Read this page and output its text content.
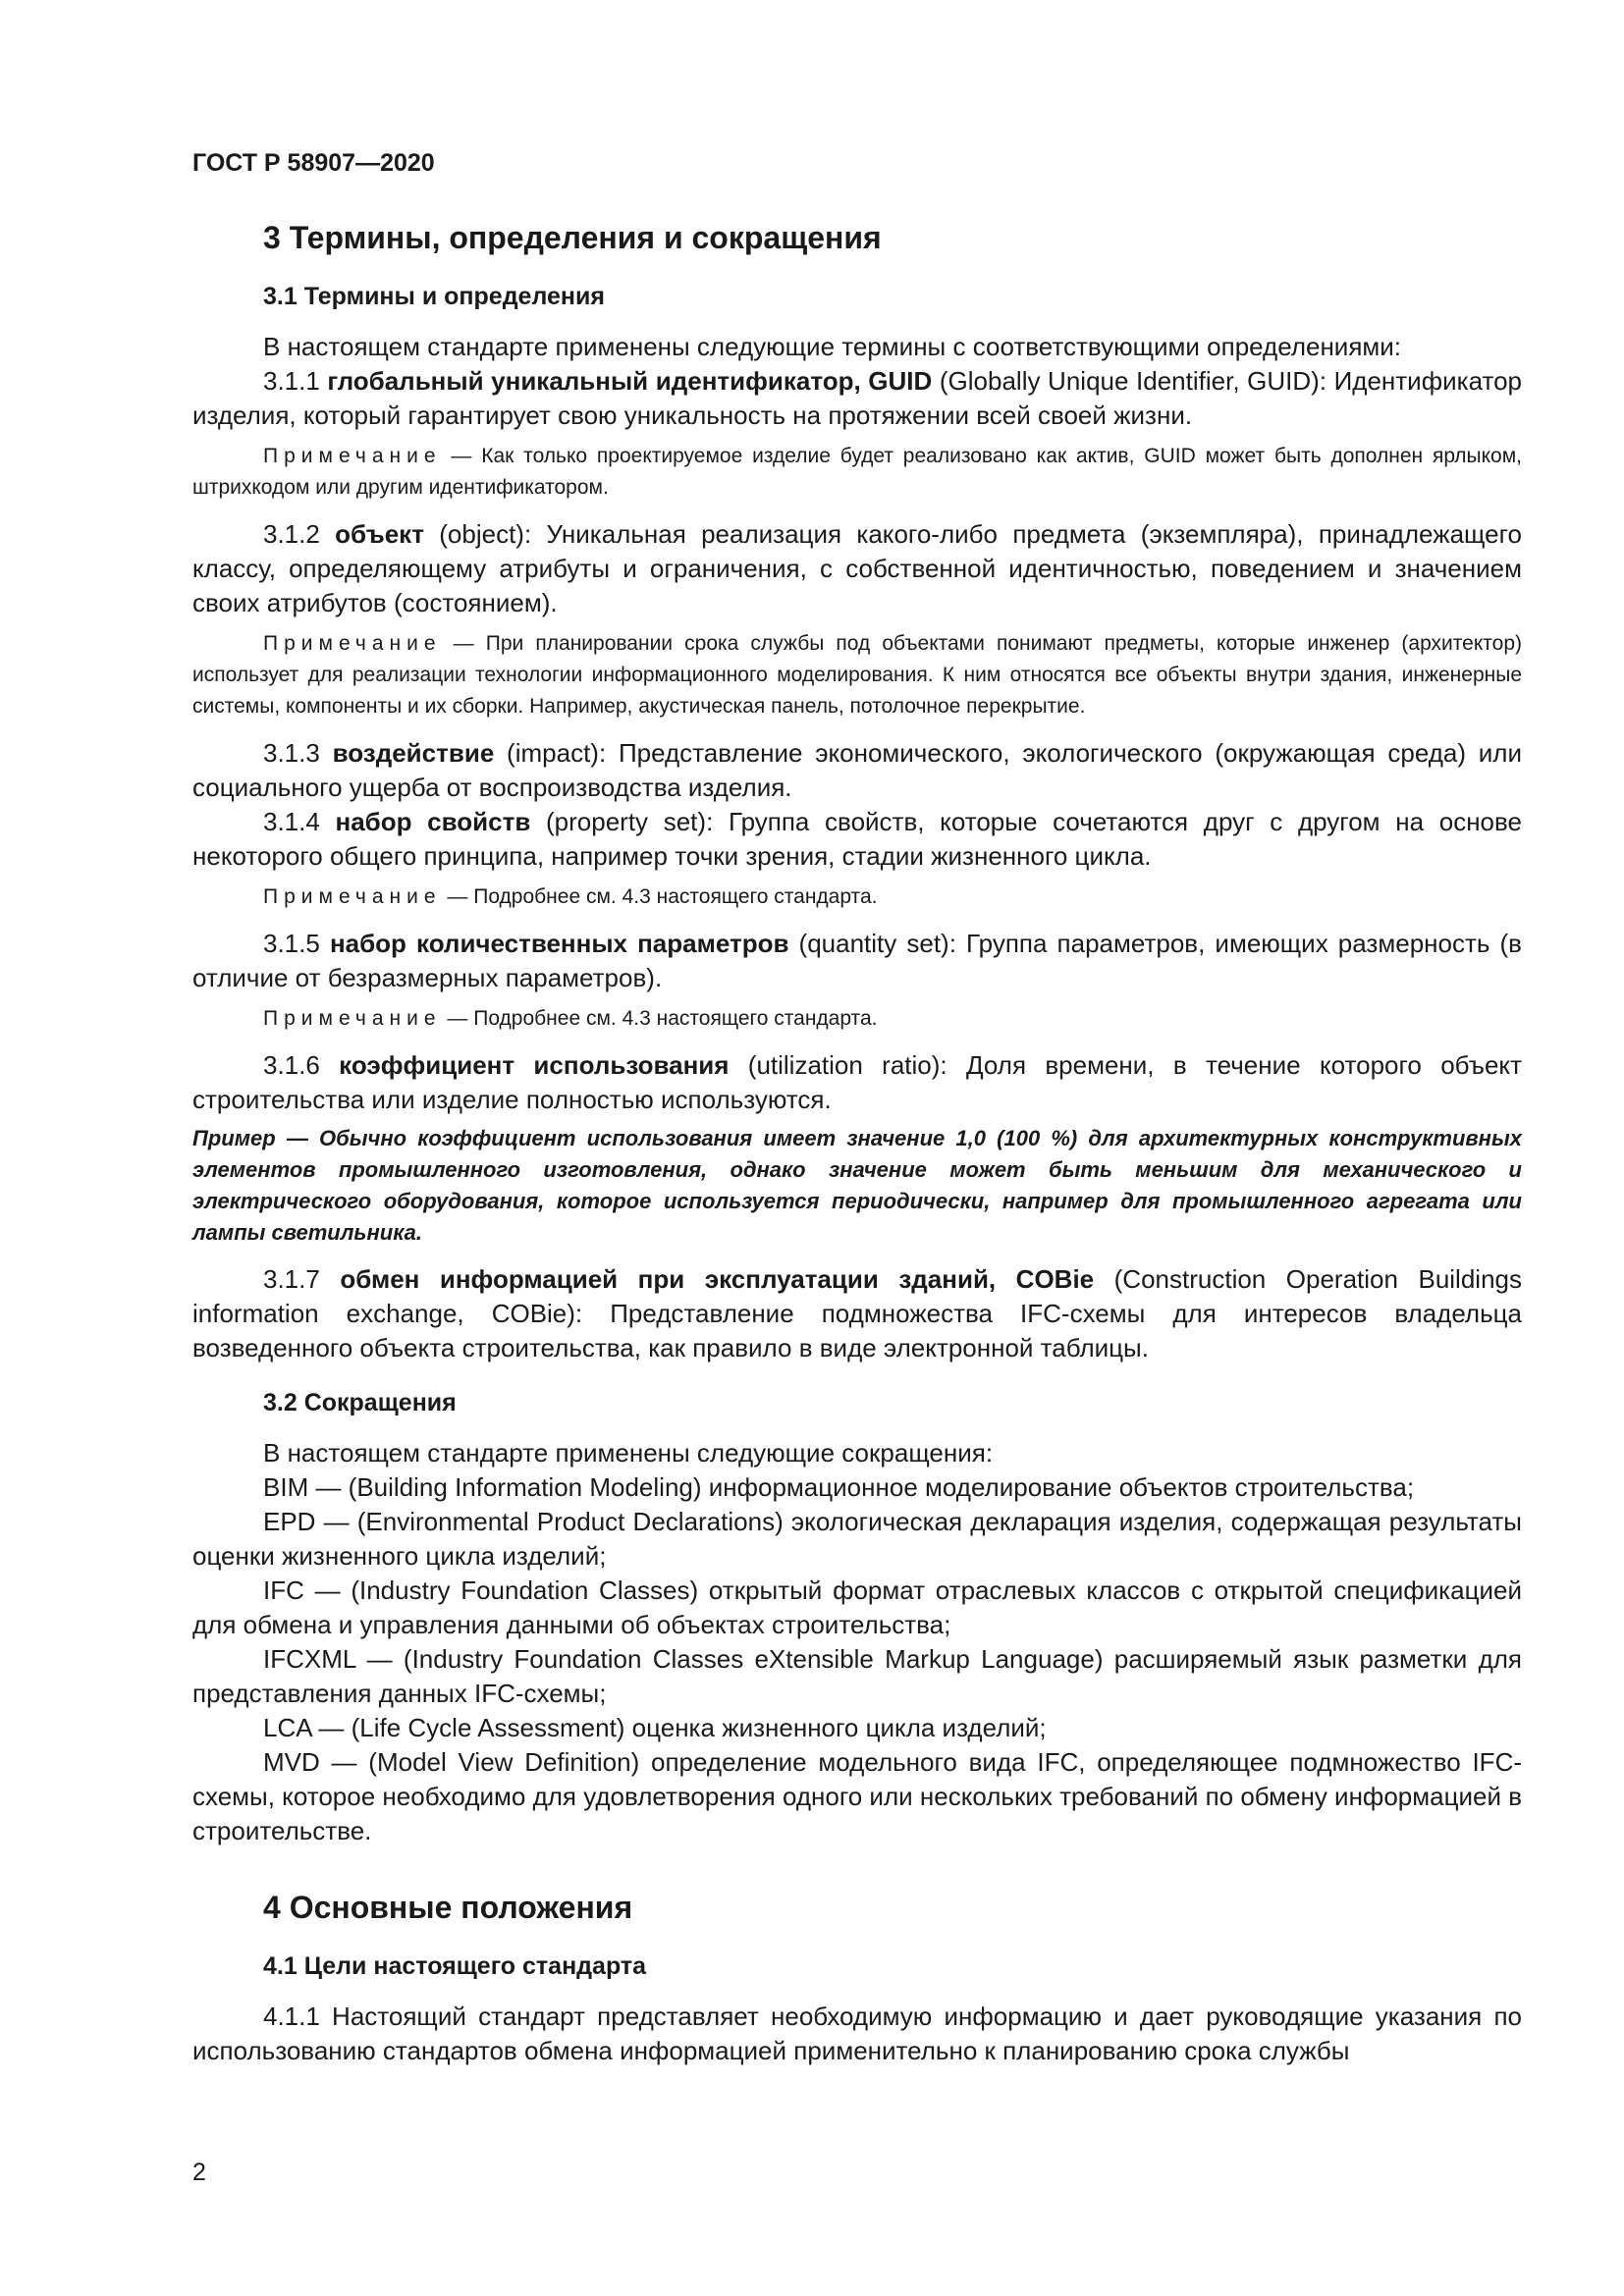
ГОСТ Р 58907—2020
3 Термины, определения и сокращения
3.1 Термины и определения

В настоящем стандарте применены следующие термины с соответствующими определениями:

3.1.1 глобальный уникальный идентификатор, GUID (Globally Unique Identifier, GUID): Идентификатор изделия, который гарантирует свою уникальность на протяжении всей своей жизни.

Примечание — Как только проектируемое изделие будет реализовано как актив, GUID может быть дополнен ярлыком, штрихкодом или другим идентификатором.

3.1.2 объект (object): Уникальная реализация какого-либо предмета (экземпляра), принадлежащего классу, определяющему атрибуты и ограничения, с собственной идентичностью, поведением и значением своих атрибутов (состоянием).

Примечание — При планировании срока службы под объектами понимают предметы, которые инженер (архитектор) использует для реализации технологии информационного моделирования. К ним относятся все объекты внутри здания, инженерные системы, компоненты и их сборки. Например, акустическая панель, потолочное перекрытие.

3.1.3 воздействие (impact): Представление экономического, экологического (окружающая среда) или социального ущерба от воспроизводства изделия.

3.1.4 набор свойств (property set): Группа свойств, которые сочетаются друг с другом на основе некоторого общего принципа, например точки зрения, стадии жизненного цикла.

Примечание — Подробнее см. 4.3 настоящего стандарта.

3.1.5 набор количественных параметров (quantity set): Группа параметров, имеющих размерность (в отличие от безразмерных параметров).

Примечание — Подробнее см. 4.3 настоящего стандарта.

3.1.6 коэффициент использования (utilization ratio): Доля времени, в течение которого объект строительства или изделие полностью используются.

Пример — Обычно коэффициент использования имеет значение 1,0 (100 %) для архитектурных конструктивных элементов промышленного изготовления, однако значение может быть меньшим для механического и электрического оборудования, которое используется периодически, например для промышленного агрегата или лампы светильника.

3.1.7 обмен информацией при эксплуатации зданий, COBie (Construction Operation Buildings information exchange, COBie): Представление подмножества IFC-схемы для интересов владельца возведенного объекта строительства, как правило в виде электронной таблицы.

3.2 Сокращения

В настоящем стандарте применены следующие сокращения:

BIM — (Building Information Modeling) информационное моделирование объектов строительства;

EPD — (Environmental Product Declarations) экологическая декларация изделия, содержащая результаты оценки жизненного цикла изделий;

IFC — (Industry Foundation Classes) открытый формат отраслевых классов с открытой спецификацией для обмена и управления данными об объектах строительства;

IFCXML — (Industry Foundation Classes eXtensible Markup Language) расширяемый язык разметки для представления данных IFC-схемы;

LCA — (Life Cycle Assessment) оценка жизненного цикла изделий;

MVD — (Model View Definition) определение модельного вида IFC, определяющее подмножество IFC-схемы, которое необходимо для удовлетворения одного или нескольких требований по обмену информацией в строительстве.

4 Основные положения
4.1 Цели настоящего стандарта

4.1.1 Настоящий стандарт представляет необходимую информацию и дает руководящие указания по использованию стандартов обмена информацией применительно к планированию срока службы

2
